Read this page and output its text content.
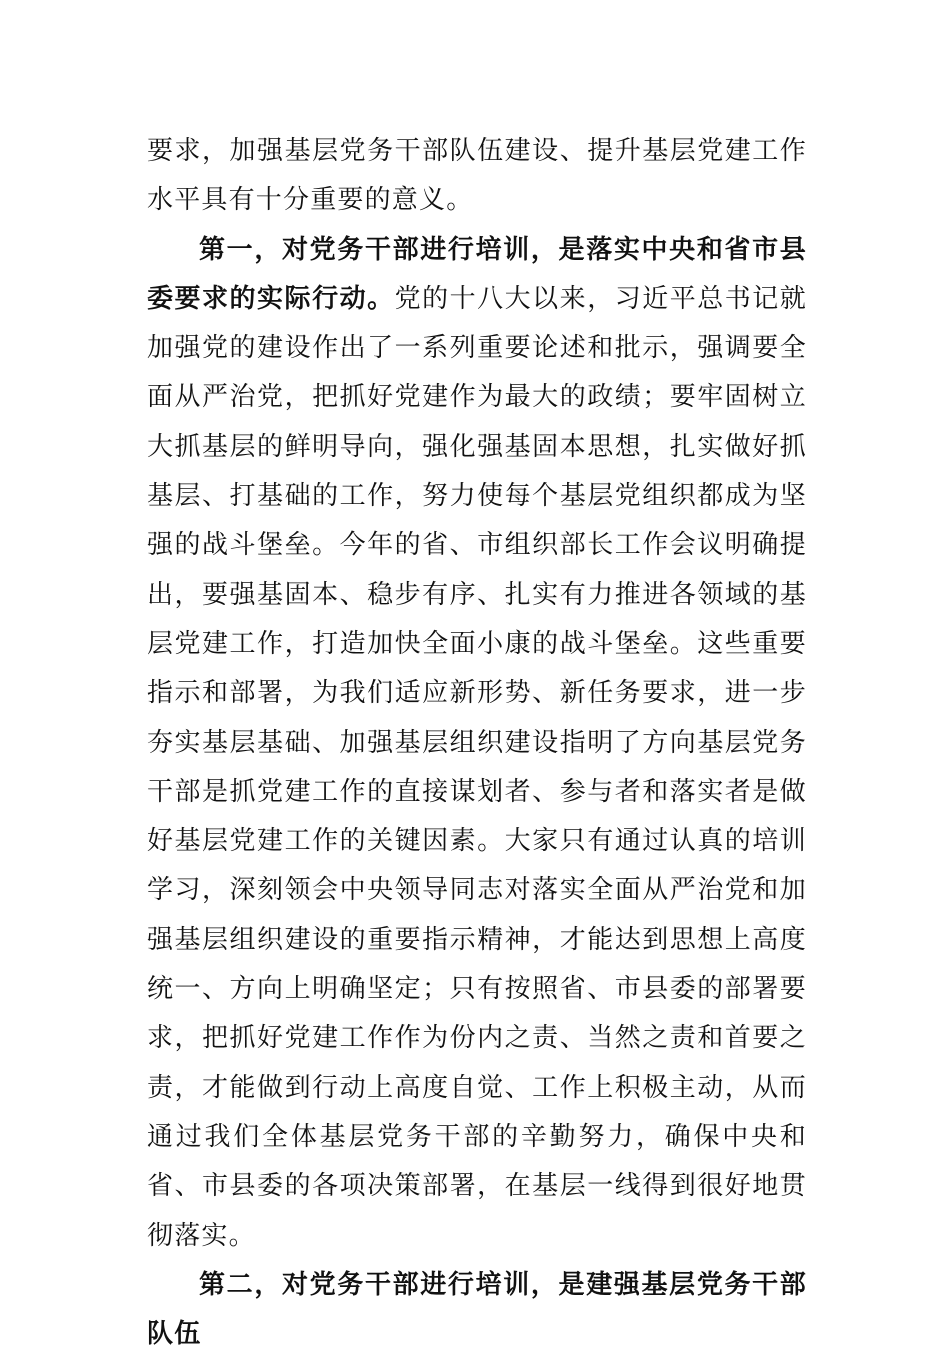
要求，加强基层党务干部队伍建设、提升基层党建工作水平具有十分重要的意义。

第一，对党务干部进行培训，是落实中央和省市县委要求的实际行动。党的十八大以来，习近平总书记就加强党的建设作出了一系列重要论述和批示，强调要全面从严治党，把抓好党建作为最大的政绩；要牢固树立大抓基层的鲜明导向，强化强基固本思想，扎实做好抓基层、打基础的工作，努力使每个基层党组织都成为坚强的战斗堡垒。今年的省、市组织部长工作会议明确提出，要强基固本、稳步有序、扎实有力推进各领域的基层党建工作，打造加快全面小康的战斗堡垒。这些重要指示和部署，为我们适应新形势、新任务要求，进一步夯实基层基础、加强基层组织建设指明了方向基层党务干部是抓党建工作的直接谋划者、参与者和落实者是做好基层党建工作的关键因素。大家只有通过认真的培训学习，深刻领会中央领导同志对落实全面从严治党和加强基层组织建设的重要指示精神，才能达到思想上高度统一、方向上明确坚定；只有按照省、市县委的部署要求，把抓好党建工作作为份内之责、当然之责和首要之责，才能做到行动上高度自觉、工作上积极主动，从而通过我们全体基层党务干部的辛勤努力，确保中央和省、市县委的各项决策部署，在基层一线得到很好地贯彻落实。

第二，对党务干部进行培训，是建强基层党务干部队伍
